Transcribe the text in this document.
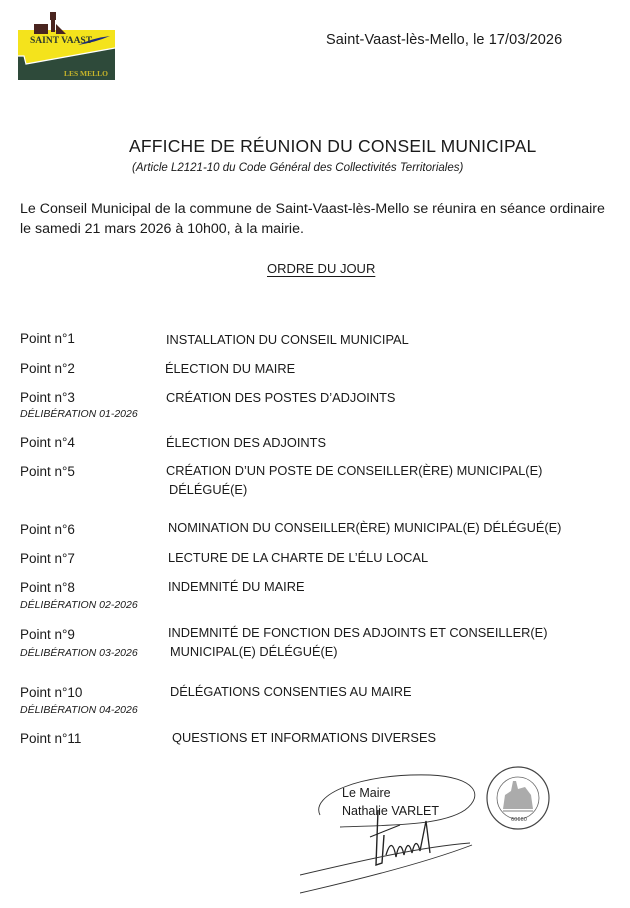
SAINT VAAST
LES MELLO
Saint-Vaast-lès-Mello, le 17/03/2026
AFFICHE DE RÉUNION DU CONSEIL MUNICIPAL
(Article L2121-10 du Code Général des Collectivités Territoriales)
Le Conseil Municipal de la commune de Saint-Vaast-lès-Mello se réunira en séance ordinaire
le samedi 21 mars 2026 à 10h00, à la mairie.
ORDRE DU JOUR
Point n°1	INSTALLATION DU CONSEIL MUNICIPAL
Point n°2	ÉLECTION DU MAIRE
Point n°3	CRÉATION DES POSTES D’ADJOINTS
DÉLIBÉRATION 01-2026
Point n°4	ÉLECTION DES ADJOINTS
Point n°5	CRÉATION D’UN POSTE DE CONSEILLER(ÈRE) MUNICIPAL(E)
DÉLÉGUÉ(E)
Point n°6	NOMINATION DU CONSEILLER(ÈRE) MUNICIPAL(E) DÉLÉGUÉ(E)
Point n°7	LECTURE DE LA CHARTE DE L’ÉLU LOCAL
Point n°8	INDEMNITÉ DU MAIRE
DÉLIBÉRATION 02-2026
Point n°9	INDEMNITÉ DE FONCTION DES ADJOINTS ET CONSEILLER(E)
DÉLIBÉRATION 03-2026	MUNICIPAL(E) DÉLÉGUÉ(E)
Point n°10	DÉLÉGATIONS CONSENTIES AU MAIRE
DÉLIBÉRATION 04-2026
Point n°11	QUESTIONS ET INFORMATIONS DIVERSES
Le Maire
Nathalie VARLET
60660
